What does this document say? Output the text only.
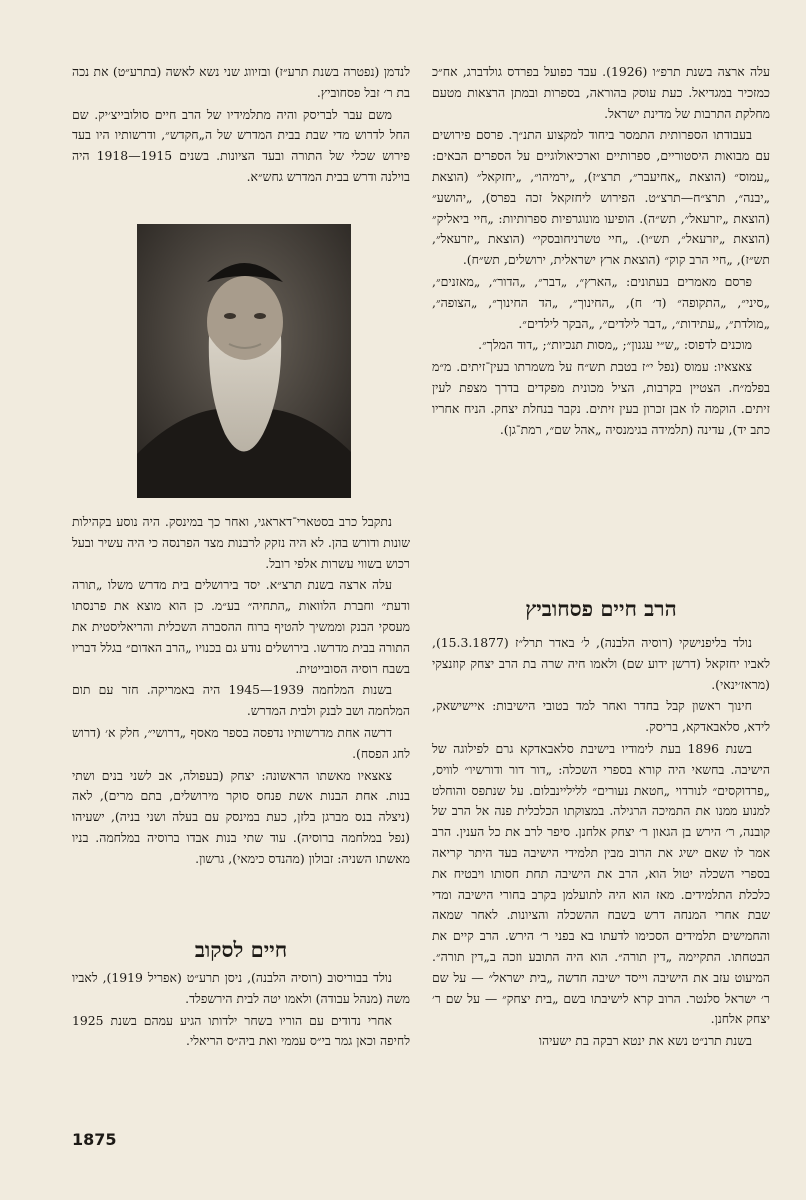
עלה ארצה בשנת תרפ״ו (1926). עבד כפועל בפרדס גולדברג, אח״כ כמזכיר במגדיאל. כעת עוסק בהוראה, בספרות ובמתן הרצאות מטעם מחלקת התרבות של מדינת ישראל.

בעבודתו הספרותית התמסר ביחוד למקצוע התנ״ך. פרסם פירושים עם מבואות היסטוריים, ספרותיים וארכיאולוגיים על הספרים הבאים: „עמוס״ (הוצאת „אחיעבר״, תרצ״ז), „ירמיהו״, „יחזקאל״ (הוצאת „יבנה״, תרצ״ח—תרצ״ט. הפירוש ליחזקאל זכה בפרס), „יהושע״ (הוצאת „יזרעאל״, תש״ה). הופיעו מונוגרפיות ספרותיות: „חיי ביאליק״ (הוצאת „יזרעאל״, תש״ו). „חיי טשרניחובסקי״ (הוצאת „יזרעאל״, תש״ז), „חיי הרב קוק״ (הוצאת ארץ ישראלית, ירושלים, תש״ח).

פרסם מאמרים בעתונים: „הארץ״, „דבר״, „הדור״, „מאזנים״, „סיני״, „התקופה״ (ד׳ ח), „החינוך״, „הד החינוך״, „הצופה״, „מולדת״, „עתידות״, „דבר לילדים״, „הבקר לילדים״.

מוכנים לדפוס: „ש״י עגנון״; „מסות תנכיות״; „דוד המלך״.

צאצאיו: עמוס (נפל י״ז בטבת תש״ח על משמרתו בעין־זיתים. מ״מ בפלמ״ח. הצטיין בקרבות, הציל מכונית מפקדים בדרך מצפת לעין זיתים. הוקמה לו אבן זכרון בעין זיתים. נקבר בנחלת יצחק. הניח אחריו כתב יד), עדינה (תלמידה בגימנסיה „אהל שם״, רמת־גן).

הרב חיים פסחוביץ

נולד בליפנישקי (רוסיה הלבנה), ל׳ באדר תרל״ז (15.3.1877), לאביו יחזקאל (דרשן ידוע שם) ולאמו חיה שרה בת הרב יצחק קוזנצקי (מראז׳ינאי).

חינוך ראשון קבל בחדר ואחר למד בטובי הישיבות: איישישאק, לידא, סלאבאדקא, בריסק.

בשנת 1896 בעת לימודיו בישיבת סלאבאדקא גרם לפילוגה של הישיבה. בחשאי היה קורא בספרי השכלה: „דור דור ודורשיו״ לוויס, „פרדוקסים״ לנורדוי „חטאת נעורים״ לליליינבלום. על שנתפס והוחלט למנוע ממנו את התמיכה הרגילה. במצוקתו הכלכלית פנה אל הרב של קובנה, ר׳ הירש בן הגאון ר׳ יצחק אלחנן. סיפר לרב את כל הענין. הרב אמר לו שאם ישיג את הרוב מבין תלמידי הישיבה בעד היתר קריאה בספרי השכלה יטול הוא, הרב את הישיבה תחת חסותו ויבטיח את כלכלת התלמידים. מאז הוא היה לתועלמן בקרב בחורי הישיבה ומדי שבת אחרי המנחה דרש בשבח ההשכלה והציונות. לאחר שמאה והחמישים תלמידים הסכימו לדעתו בא בפני ר׳ הירש. הרב קיים את הבטחתו. התקיימה „דין תורה״. הוא היה התובע וזכה ב„דין תורה״. המיעוט עזב את הישיבה וייסד ישיבה חדשה „בית ישראל״ — על שם ר׳ ישראל סלנטר. הרוב קרא לישיבתו בשם „בית יצחק״ — על שם ר׳ יצחק אלחנן.

בשנת תרנ״ט נשא את ינטא רבקה בת ישעיהו

לנדמן (נפטרה בשנת תרע״ז) ובזיווג שני נשא לאשה (בתרע״ט) את נכה בת ר׳ זבל פסחוביץ.

משם עבר לבריסק והיה מתלמידיו של הרב חיים סולובייצ׳יק. שם החל לדרוש מדי שבת בבית המדרש של ה„חקדש״, ודרשותיו היו בעד פירוש שכלי של התורה ובעד הציונות. בשנים 1915—1918 היה בוילנה ודרש בבית המדרש גחש״א.

נתקבל כרב בסטארי־דאראגי, ואחר כך במינסק. היה נוסע בקהילות שונות ודורש בהן. לא היה נזקק לרבנות מצד הפרנסה כי היה עשיר ובעל רכוש בשווי עשרות אלפי רובל.

עלה ארצה בשנת תרצ״א. יסד בירושלים בית מדרש משלו „תורה ודעת״ וחברת הלוואות „התחיה״ בע״מ. כן הוא מוצא את פרנסתו מעסקי הבנק וממשיך להטיף ברוח ההסברה השכלית והריאליסטית את התורה בבית מדרשו. בירושלים נודע גם בכנויו „הרב האדום״ בגלל דבריו בשבח רוסיה הסובייטית.

בשנות המלחמה 1939—1945 היה באמריקה. חזר עם תום המלחמה ושב לבנק ולבית המדרש.

דרשה אחת מדרשותיו נדפסה בספר מאסף „דרושי״, חלק א׳ (דרוש לחג הפסח).

צאצאיו מאשתו הראשונה: יצחק (בעפולה, אב לשני בנים ושתי בנות. אחת הבנות אשת פנחס סוקר מירושלים, בתם מרים), לאה (ניצלה בנס מברגן בלזן, כעת במינסק עם בעלה ושני בניה), ישעיהו (נפל במלחמה ברוסיה). עוד שתי בנות אבדו ברוסיה במלחמה. בניו מאשתו השניה: זבולון (מהנדס כימאי), גרשון.

חיים לסקוב

נולד בבוריסוב (רוסיה הלבנה), ניסן תרע״ט (אפריל 1919), לאביו משה (מנהל עבודה) ולאמו יטה לבית הירשפלד.

אחרי נדודים עם הוריו בשחר ילדותו הגיע עמהם בשנת 1925 לחיפה וכאן גמר בי״ס עממי ואת ביה״ס הריאלי.

1875
